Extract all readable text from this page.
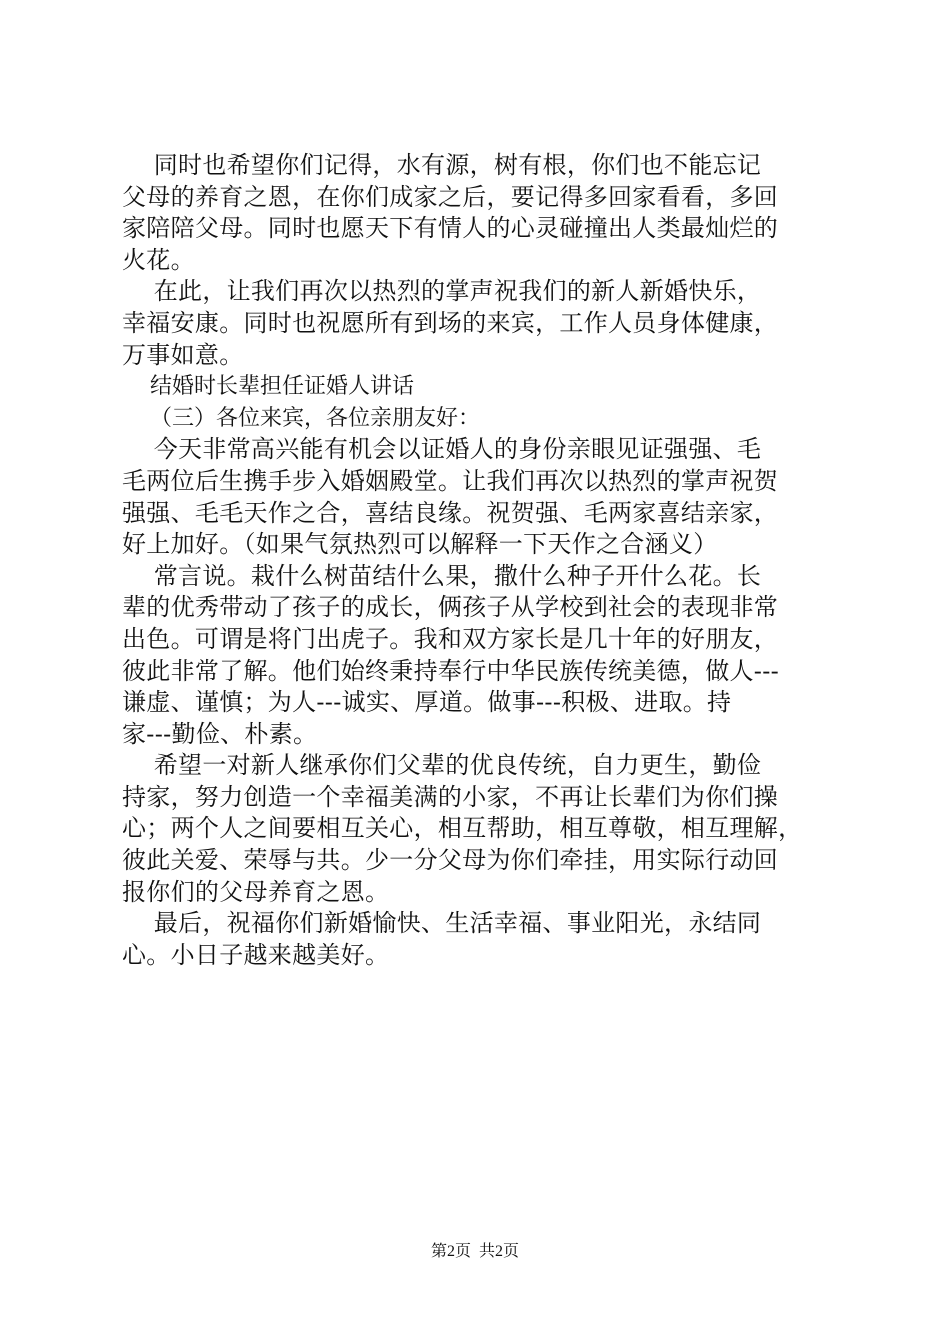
同时也希望你们记得，水有源，树有根，你们也不能忘记
父母的养育之恩，在你们成家之后，要记得多回家看看，多回
家陪陪父母。同时也愿天下有情人的心灵碰撞出人类最灿烂的
火花。
在此，让我们再次以热烈的掌声祝我们的新人新婚快乐，
幸福安康。同时也祝愿所有到场的来宾，工作人员身体健康，
万事如意。
结婚时长辈担任证婚人讲话
（三）各位来宾，各位亲朋友好：
今天非常高兴能有机会以证婚人的身份亲眼见证强强、毛
毛两位后生携手步入婚姻殿堂。让我们再次以热烈的掌声祝贺
强强、毛毛天作之合，喜结良缘。祝贺强、毛两家喜结亲家，
好上加好。（如果气氛热烈可以解释一下天作之合涵义）
常言说。栽什么树苗结什么果，撒什么种子开什么花。长
辈的优秀带动了孩子的成长，俩孩子从学校到社会的表现非常
出色。可谓是将门出虎子。我和双方家长是几十年的好朋友，
彼此非常了解。他们始终秉持奉行中华民族传统美德，做人---
谦虚、谨慎；为人---诚实、厚道。做事---积极、进取。持
家---勤俭、朴素。
希望一对新人继承你们父辈的优良传统，自力更生，勤俭
持家，努力创造一个幸福美满的小家，不再让长辈们为你们操
心；两个人之间要相互关心，相互帮助，相互尊敬，相互理解，
彼此关爱、荣辱与共。少一分父母为你们牵挂，用实际行动回
报你们的父母养育之恩。
最后，祝福你们新婚愉快、生活幸福、事业阳光，永结同
心。小日子越来越美好。
第2页 共2页
